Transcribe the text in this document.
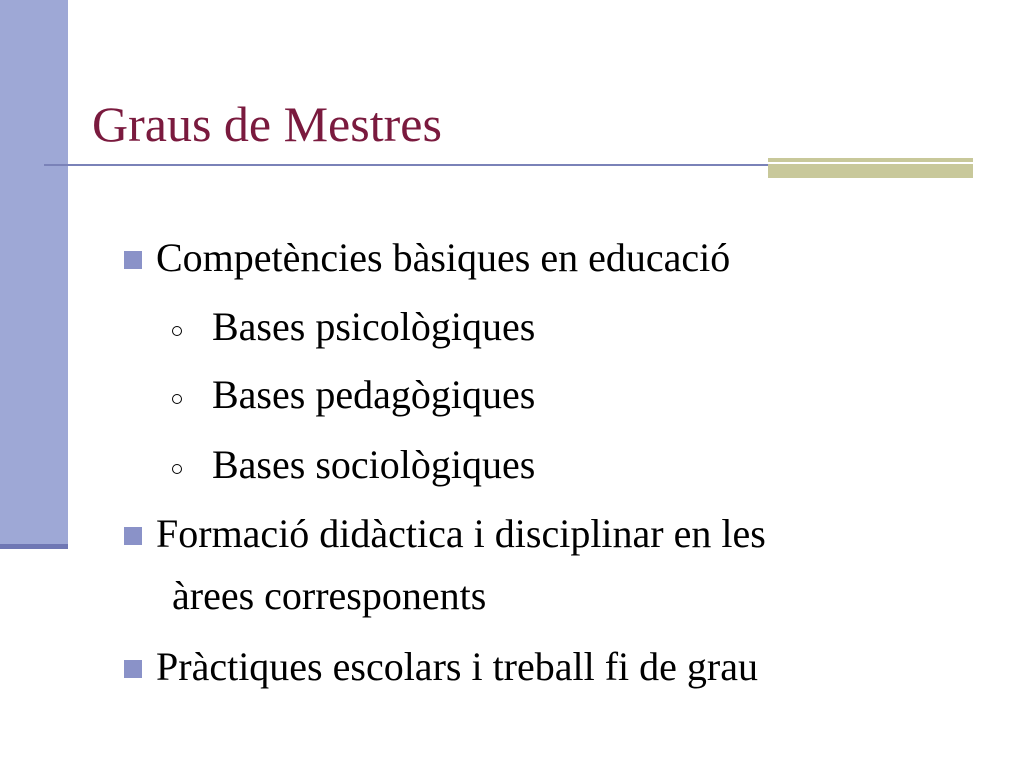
Graus de Mestres
Competències bàsiques en educació
Bases psicològiques
Bases pedagògiques
Bases sociològiques
Formació didàctica i disciplinar en les
àrees corresponents
Pràctiques escolars i treball fi de grau
